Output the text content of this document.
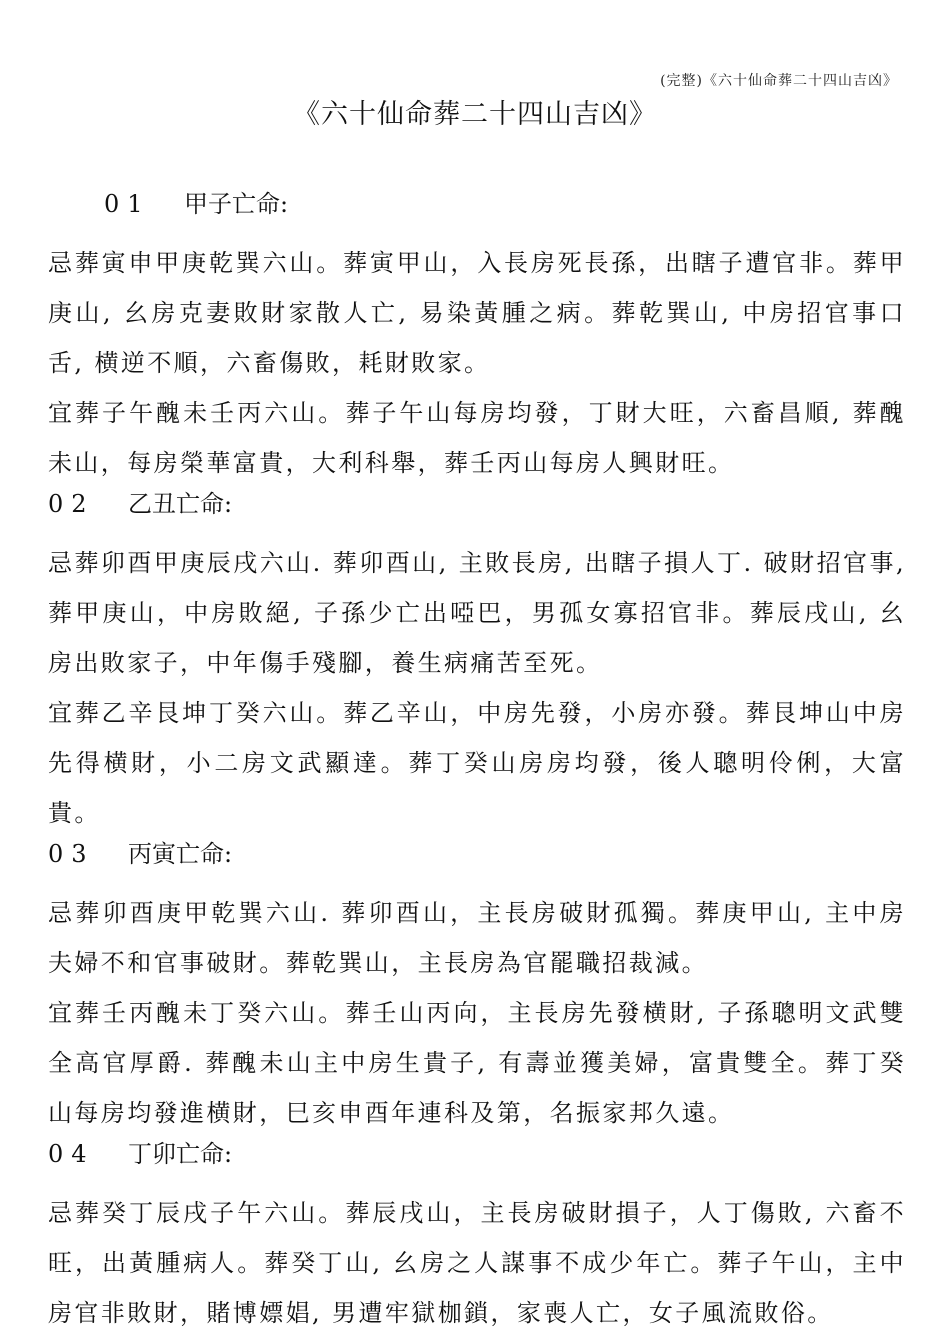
(完整)《六十仙命葬二十四山吉凶》
《六十仙命葬二十四山吉凶》
01 甲子亡命:

忌葬寅申甲庚乾巽六山。葬寅甲山，入長房死長孫，出瞎子遭官非。葬甲庚山, 幺房克妻敗財家散人亡, 易染黃腫之病。葬乾巽山, 中房招官事口舌, 横逆不順，六畜傷敗，耗財敗家。

宜葬子午醜未壬丙六山。葬子午山每房均發，丁財大旺，六畜昌順, 葬醜未山，每房榮華富貴，大利科舉，葬壬丙山每房人興財旺。

02 乙丑亡命:

忌葬卯酉甲庚辰戌六山. 葬卯酉山, 主敗長房, 出瞎子損人丁. 破財招官事, 葬甲庚山，中房敗絕, 子孫少亡出啞巴，男孤女寡招官非。葬辰戌山, 幺房出敗家子，中年傷手殘腳，養生病痛苦至死。

宜葬乙辛艮坤丁癸六山。葬乙辛山，中房先發，小房亦發。葬艮坤山中房先得横財，小二房文武顯達。葬丁癸山房房均發，後人聰明伶俐，大富貴。

03 丙寅亡命:

忌葬卯酉庚甲乾巽六山. 葬卯酉山，主長房破財孤獨。葬庚甲山, 主中房夫婦不和官事破財。葬乾巽山，主長房為官罷職招裁減。

宜葬壬丙醜未丁癸六山。葬壬山丙向，主長房先發横財, 子孫聰明文武雙全高官厚爵. 葬醜未山主中房生貴子, 有壽並獲美婦，富貴雙全。葬丁癸山每房均發進横財，巳亥申酉年連科及第，名振家邦久遠。

04 丁卯亡命:

忌葬癸丁辰戌子午六山。葬辰戌山，主長房破財損子，人丁傷敗, 六畜不旺，出黃腫病人。葬癸丁山, 幺房之人謀事不成少年亡。葬子午山，主中房官非敗財，賭博嫖娼, 男遭牢獄枷鎖，家喪人亡，女子風流敗俗。
